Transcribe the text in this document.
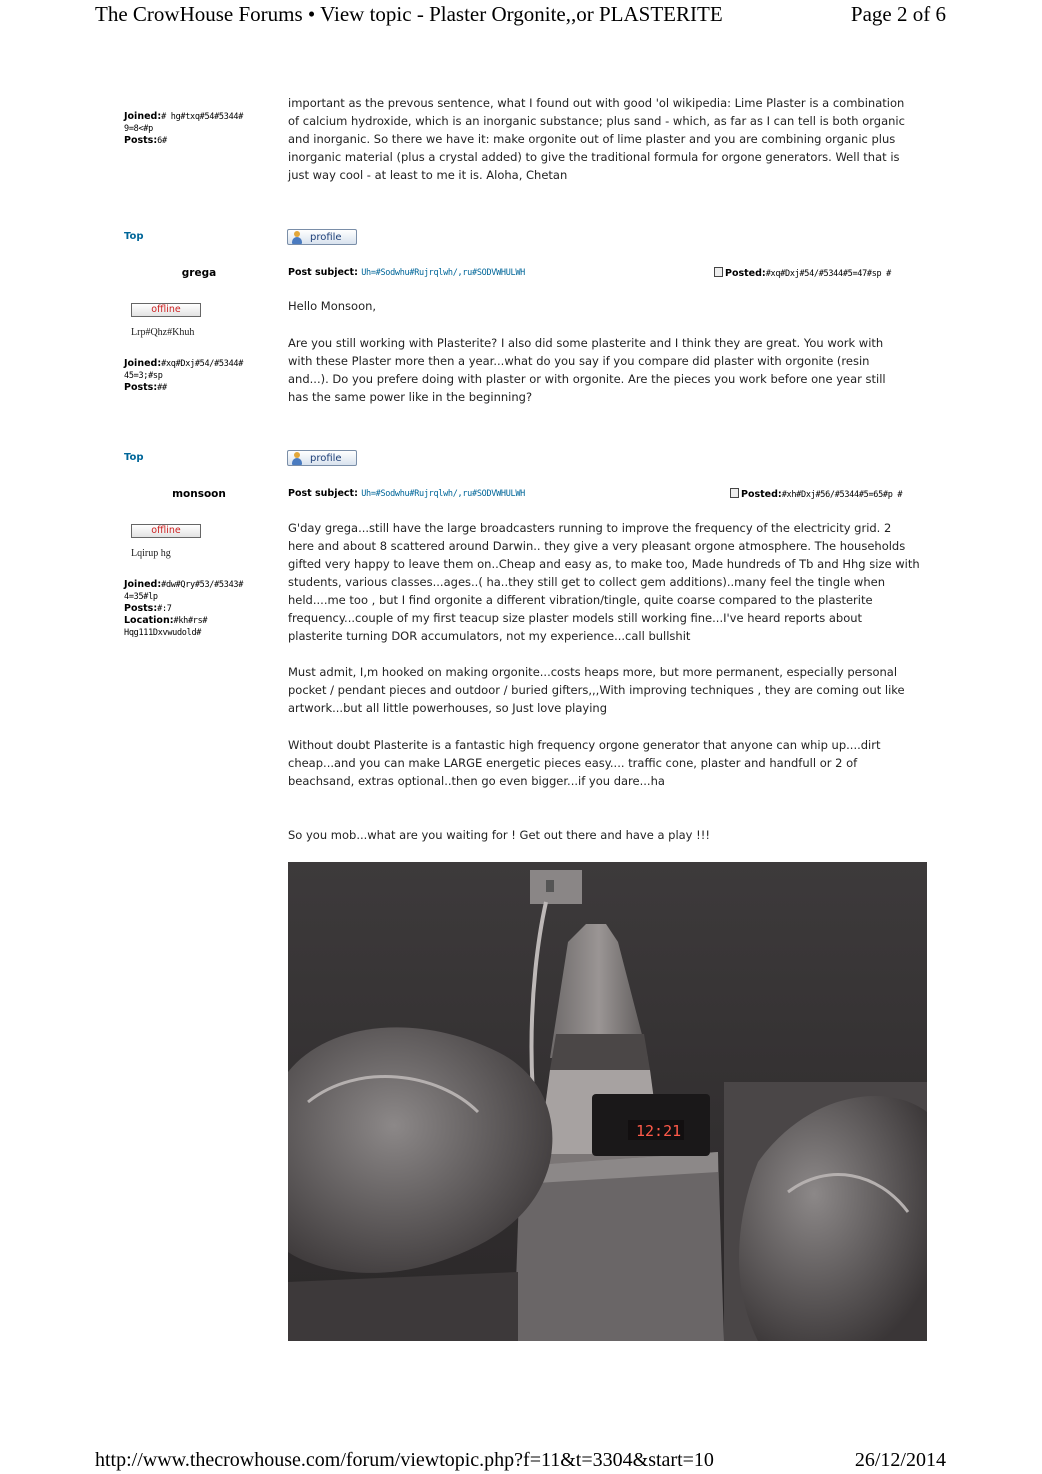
The CrowHouse Forums • View topic - Plaster Orgonite,,or PLASTERITE	Page 2 of 6
http://www.thecrowhouse.com/forum/viewtopic.php?f=11&t=3304&start=10	26/12/2014
Joined:# hg#txq#54#5344#
9=8<#p
Posts:6#

important as the prevous sentence, what I found out with good 'ol wikipedia: Lime Plaster is a combination

of calcium hydroxide, which is an inorganic substance; plus sand - which, as far as I can tell is both organic

and inorganic. So there we have it: make orgonite out of lime plaster and you are combining organic plus

inorganic material (plus a crystal added) to give the traditional formula for orgone generators. Well that is

just way cool - at least to me it is. Aloha, Chetan

Top	profile
grega	Post subject: Uh=#Sodwhu#Rujrqlwh/,ru#SODVWHULWH	Posted:#xq#Dxj#54/#5344#5=47#sp #
offline
Lrp#Qhz#Khuh
Joined:#xq#Dxj#54/#5344#
45=3;#sp
Posts:##

Hello Monsoon,

Are you still working with Plasterite? I also did some plasterite and I think they are great. You work with

with these Plaster more then a year...what do you say if you compare did plaster with orgonite (resin

and...). Do you prefere doing with plaster or with orgonite. Are the pieces you work before one year still

has the same power like in the beginning?

Top	profile
monsoon	Post subject: Uh=#Sodwhu#Rujrqlwh/,ru#SODVWHULWH	Posted:#xh#Dxj#56/#5344#5=65#p #
offline
Lqirup hg
Joined:#dw#Qry#53/#5343#
4=35#lp
Posts:#:7
Location:#kh#rs#
Hqg111Dxvwudold#

G'day grega...still have the large broadcasters running to improve the frequency of the electricity grid. 2

here and about 8 scattered around Darwin.. they give a very pleasant orgone atmosphere. The households

gifted very happy to leave them on..Cheap and easy as, to make too, Made hundreds of Tb and Hhg size with

students, various classes...ages..( ha..they still get to collect gem additions)..many feel the tingle when

held....me too , but I find orgonite a different vibration/tingle, quite coarse compared to the plasterite

frequency...couple of my first teacup size plaster models still working fine...I've heard reports about

plasterite turning DOR accumulators, not my experience...call bullshit

Must admit, I,m hooked on making orgonite...costs heaps more, but more permanent, especially personal

pocket / pendant pieces and outdoor / buried gifters,,,With improving techniques , they are coming out like

artwork...but all little powerhouses, so Just love playing

Without doubt Plasterite is a fantastic high frequency orgone generator that anyone can whip up....dirt

cheap...and you can make LARGE energetic pieces easy.... traffic cone, plaster and handfull or 2 of

beachsand, extras optional..then go even bigger...if you dare...ha

So you mob...what are you waiting for ! Get out there and have a play !!!

12:21
